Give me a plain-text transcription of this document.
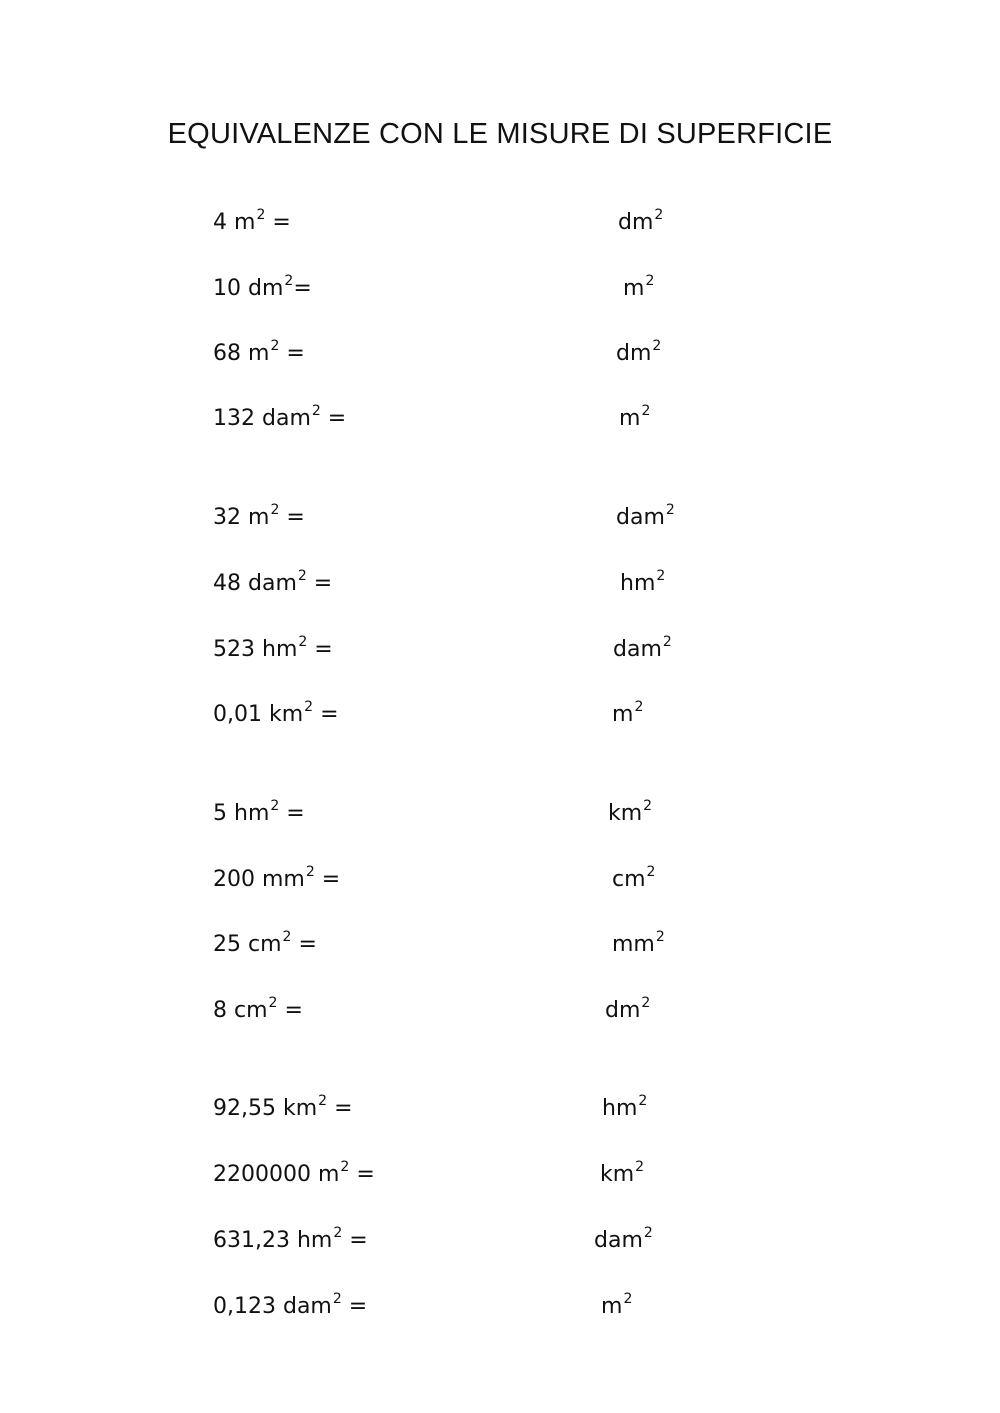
EQUIVALENZE CON LE MISURE DI SUPERFICIE
4 $m^2$ =	$dm^2$
10 $dm^2=$	$m^2$
68 $m^2$ =	$dm^2$
132 dam$^2$ =	$m^2$
32 $m^2$ =	dam$^2$
48 dam$^2$ =	$hm^2$
523 $hm^2$ =	dam$^2$
0,01 $km^2$ =	$m^2$
5 $hm^2$ =	$km^2$
200 $mm^2$ =	$cm^2$
25 $cm^2$ =	$mm^2$
8 $cm^2$ =	$dm^2$
92,55 $km^2$ =	$hm^2$
2200000 $m^2$ =	$km^2$
631,23 $hm^2$ =	dam$^2$
0,123 dam$^2$ =	$m^2$
